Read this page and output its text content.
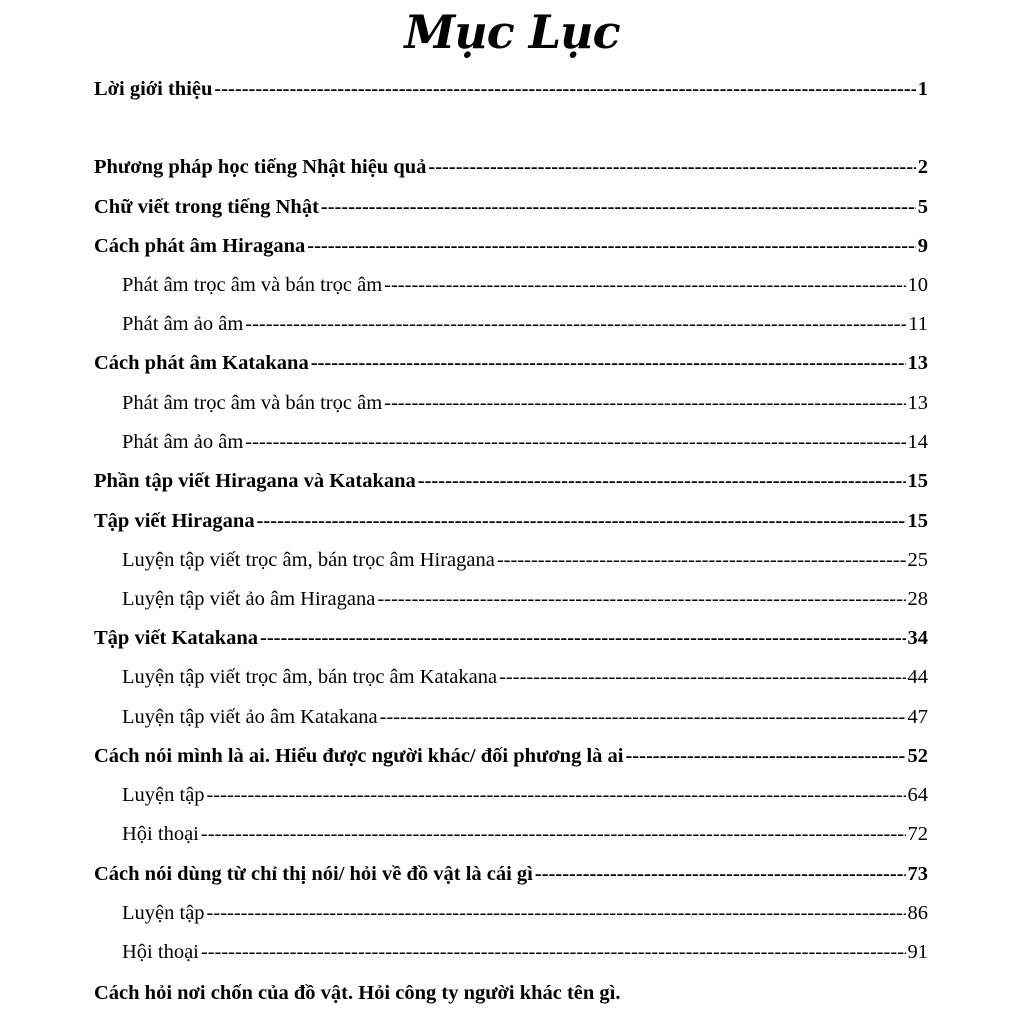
Mục Lục
Lời giới thiệu -----	1
Phương pháp học tiếng Nhật hiệu quả -----	2
Chữ viết trong tiếng Nhật -----	5
Cách phát âm Hiragana -----	9
Phát âm trọc âm và bán trọc âm -----	10
Phát âm ảo âm -----	11
Cách phát âm Katakana -----	13
Phát âm trọc âm và bán trọc âm -----	13
Phát âm ảo âm -----	14
Phần tập viết Hiragana và Katakana -----	15
Tập viết Hiragana -----	15
Luyện tập viết trọc âm, bán trọc âm Hiragana -----	25
Luyện tập viết ảo âm Hiragana -----	28
Tập viết Katakana -----	34
Luyện tập viết trọc âm, bán trọc âm Katakana -----	44
Luyện tập viết ảo âm Katakana -----	47
Cách nói mình là ai. Hiểu được người khác/ đối phương là ai -----	52
Luyện tập -----	64
Hội thoại -----	72
Cách nói dùng từ chỉ thị nói/ hỏi về đồ vật là cái gì -----	73
Luyện tập -----	86
Hội thoại -----	91
Cách hỏi nơi chốn của đồ vật. Hỏi công ty người khác tên gì.
